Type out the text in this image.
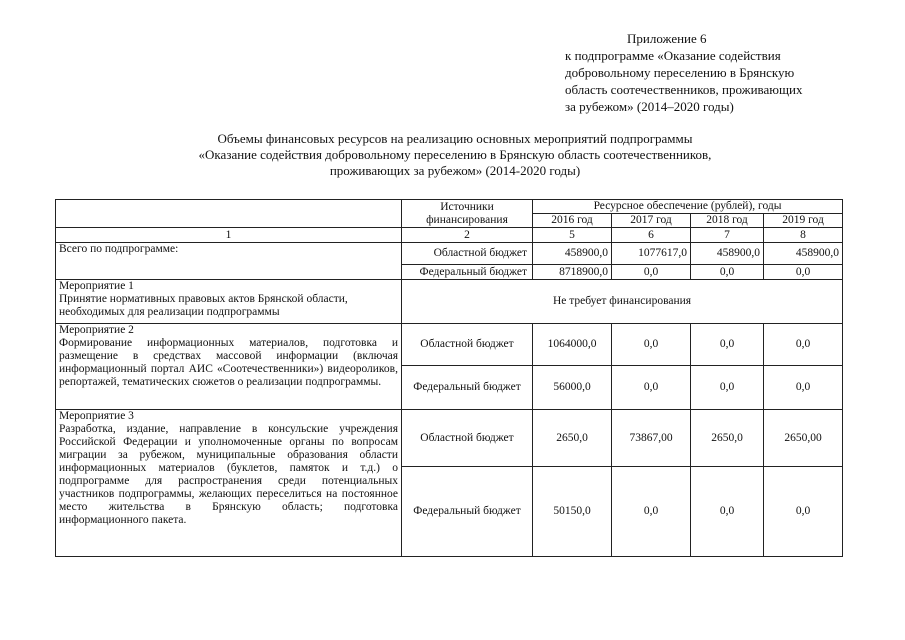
Приложение 6
к подпрограмме «Оказание содействия
добровольному переселению в Брянскую
область соотечественников, проживающих
за рубежом» (2014–2020 годы)
Объемы финансовых ресурсов на реализацию основных мероприятий подпрограммы
«Оказание содействия добровольному переселению в Брянскую область соотечественников,
проживающих за рубежом» (2014-2020 годы)
	Источники финансирования	Ресурсное обеспечение (рублей), годы			
		2016 год	2017 год	2018 год	2019 год
1	2	5	6	7	8
Всего по подпрограмме:	Областной бюджет	458900,0	1077617,0	458900,0	458900,0
	Федеральный бюджет	8718900,0	0,0	0,0	0,0

Мероприятие 1
Принятие нормативных правовых актов Брянской области, необходимых для реализации подпрограммы	Не требует финансирования				

Мероприятие 2
Формирование информационных материалов, подготовка и размещение в средствах массовой информации (включая информационный портал АИС «Соотечественники») видеороликов, репортажей, тематических сюжетов о реализации подпрограммы.	Областной бюджет	1064000,0	0,0	0,0	0,0
	Федеральный бюджет	56000,0	0,0	0,0	0,0

Мероприятие 3
Разработка, издание, направление в консульские учреждения Российской Федерации и уполномоченные органы по вопросам миграции за рубежом, муниципальные образования области информационных материалов (буклетов, памяток и т.д.) о подпрограмме для распространения среди потенциальных участников подпрограммы, желающих переселиться на постоянное место жительства в Брянскую область; подготовка информационного пакета.	Областной бюджет	2650,0	73867,00	2650,0	2650,00
	Федеральный бюджет	50150,0	0,0	0,0	0,0
